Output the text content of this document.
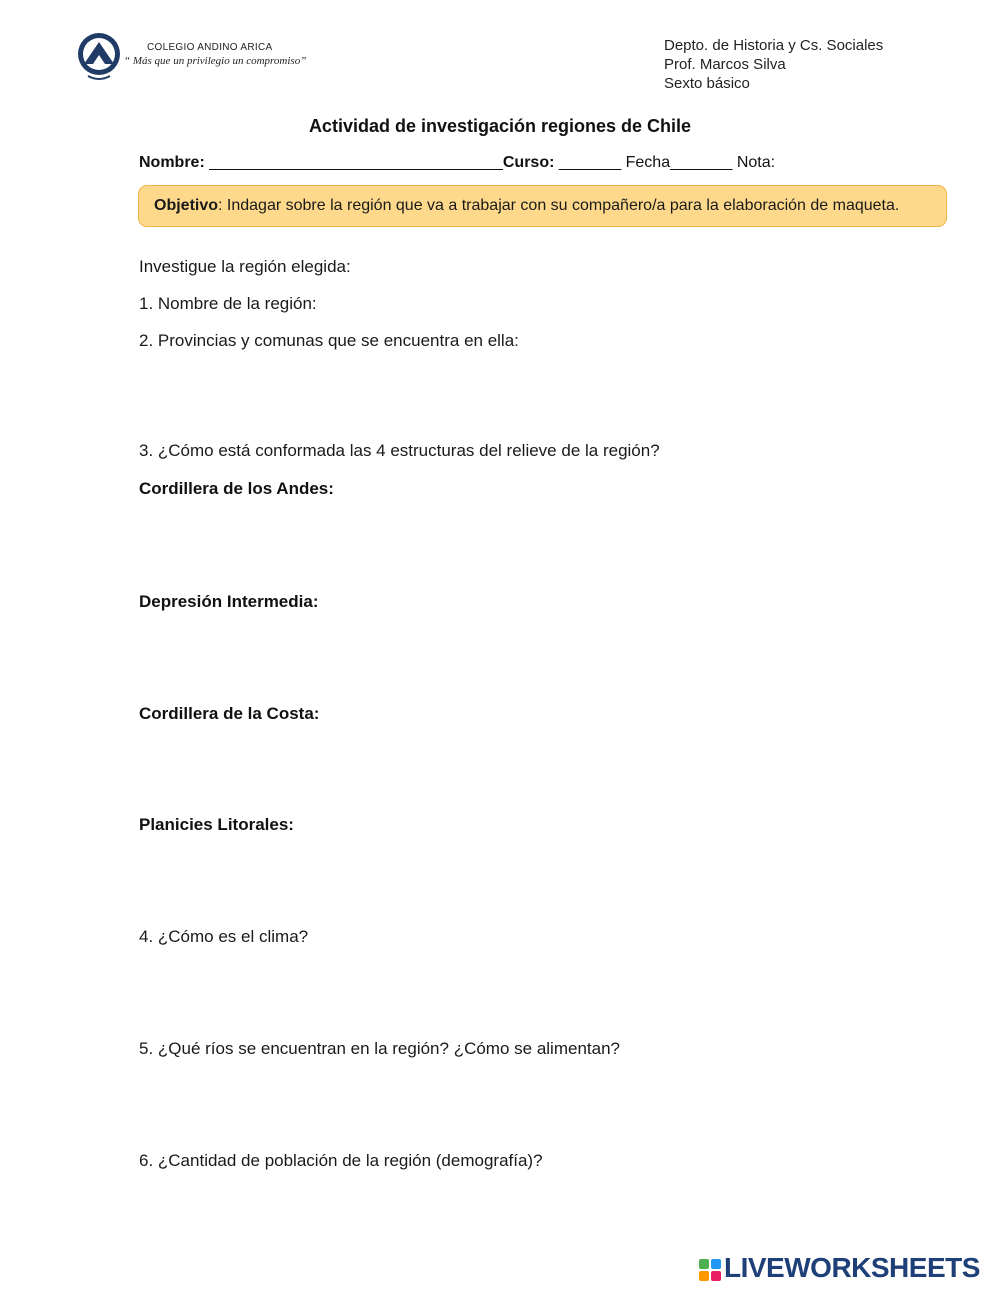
COLEGIO ANDINO ARICA
“ Más que un privilegio un compromiso”
Depto. de Historia y Cs. Sociales
Prof. Marcos Silva
Sexto básico
Actividad de investigación regiones de Chile
Nombre: _________________________________Curso: _______ Fecha_______ Nota:
Objetivo: Indagar sobre la región que va a trabajar con su compañero/a para la elaboración de maqueta.
Investigue la región elegida:
1. Nombre de la región:
2. Provincias y comunas que se encuentra en ella:
3. ¿Cómo está conformada las 4 estructuras del relieve de la región?
Cordillera de los Andes:
Depresión Intermedia:
Cordillera de la Costa:
Planicies Litorales:
4. ¿Cómo es el clima?
5. ¿Qué ríos se encuentran en la región? ¿Cómo se alimentan?
6. ¿Cantidad de población de la región (demografía)?
LIVEWORKSHEETS
